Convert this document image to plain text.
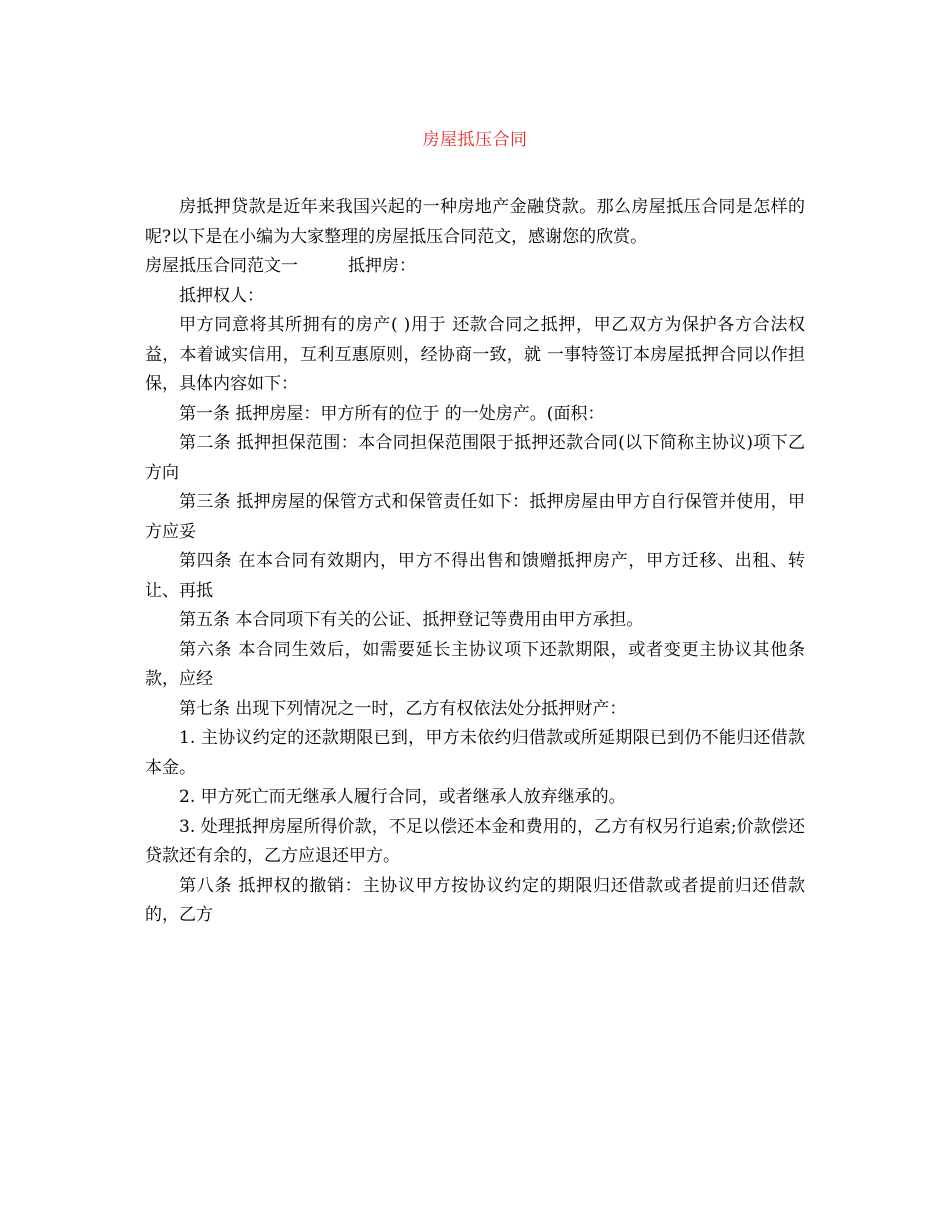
房屋抵压合同

房抵押贷款是近年来我国兴起的一种房地产金融贷款。那么房屋抵压合同是怎样的呢?以下是在小编为大家整理的房屋抵压合同范文，感谢您的欣赏。

房屋抵压合同范文一	抵押房：

抵押权人：

甲方同意将其所拥有的房产( )用于 还款合同之抵押，甲乙双方为保护各方合法权益，本着诚实信用，互利互惠原则，经协商一致，就 一事特签订本房屋抵押合同以作担保，具体内容如下：

第一条 抵押房屋：甲方所有的位于 的一处房产。(面积：

第二条 抵押担保范围：本合同担保范围限于抵押还款合同(以下简称主协议)项下乙方向

第三条 抵押房屋的保管方式和保管责任如下：抵押房屋由甲方自行保管并使用，甲方应妥

第四条 在本合同有效期内，甲方不得出售和馈赠抵押房产，甲方迁移、出租、转让、再抵

第五条 本合同项下有关的公证、抵押登记等费用由甲方承担。

第六条 本合同生效后，如需要延长主协议项下还款期限，或者变更主协议其他条款，应经

第七条 出现下列情况之一时，乙方有权依法处分抵押财产：

1. 主协议约定的还款期限已到，甲方未依约归借款或所延期限已到仍不能归还借款本金。

2. 甲方死亡而无继承人履行合同，或者继承人放弃继承的。

3. 处理抵押房屋所得价款，不足以偿还本金和费用的，乙方有权另行追索;价款偿还贷款还有余的，乙方应退还甲方。

第八条 抵押权的撤销：主协议甲方按协议约定的期限归还借款或者提前归还借款的，乙方
